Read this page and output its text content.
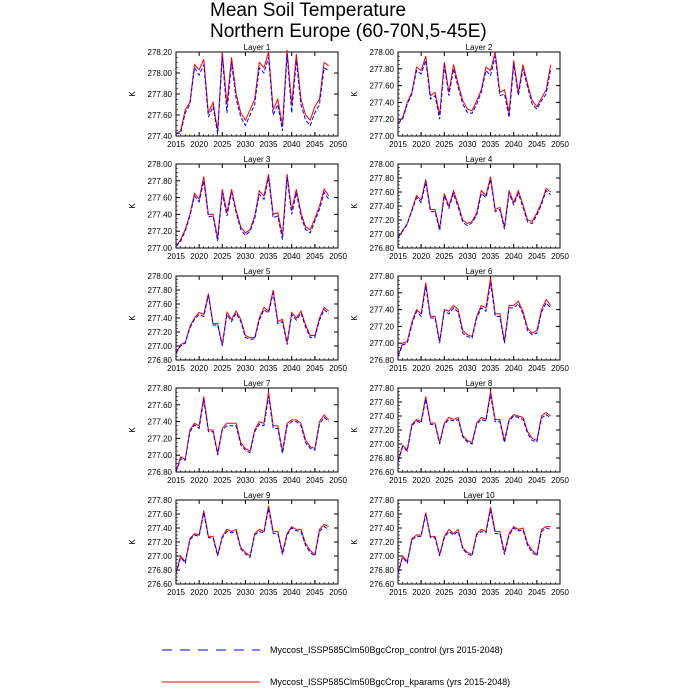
Mean Soil Temperature
Northern Europe (60-70N,5-45E)
Layer 1
277.40
277.60
277.80
278.00
278.20
K
2015 2020 2025 2030 2035 2040 2045 2050
Layer 2
277.00
277.20
277.40
277.60
277.80
278.00
K
2015 2020 2025 2030 2035 2040 2045 2050
Layer 3
277.00
277.20
277.40
277.60
277.80
278.00
K
2015 2020 2025 2030 2035 2040 2045 2050
Layer 4
276.80
277.00
277.20
277.40
277.60
277.80
278.00
K
2015 2020 2025 2030 2035 2040 2045 2050
Layer 5
276.80
277.00
277.20
277.40
277.60
277.80
278.00
K
2015 2020 2025 2030 2035 2040 2045 2050
Layer 6
276.80
277.00
277.20
277.40
277.60
277.80
K
2015 2020 2025 2030 2035 2040 2045 2050
Layer 7
276.80
277.00
277.20
277.40
277.60
277.80
K
2015 2020 2025 2030 2035 2040 2045 2050
Layer 8
276.60
276.80
277.00
277.20
277.40
277.60
277.80
K
2015 2020 2025 2030 2035 2040 2045 2050
Layer 9
276.60
276.80
277.00
277.20
277.40
277.60
277.80
K
2015 2020 2025 2030 2035 2040 2045 2050
Layer 10
276.60
276.80
277.00
277.20
277.40
277.60
277.80
K
2015 2020 2025 2030 2035 2040 2045 2050
Myccost_ISSP585Clm50BgcCrop_control (yrs 2015-2048)
Myccost_ISSP585Clm50BgcCrop_kparams (yrs 2015-2048)
